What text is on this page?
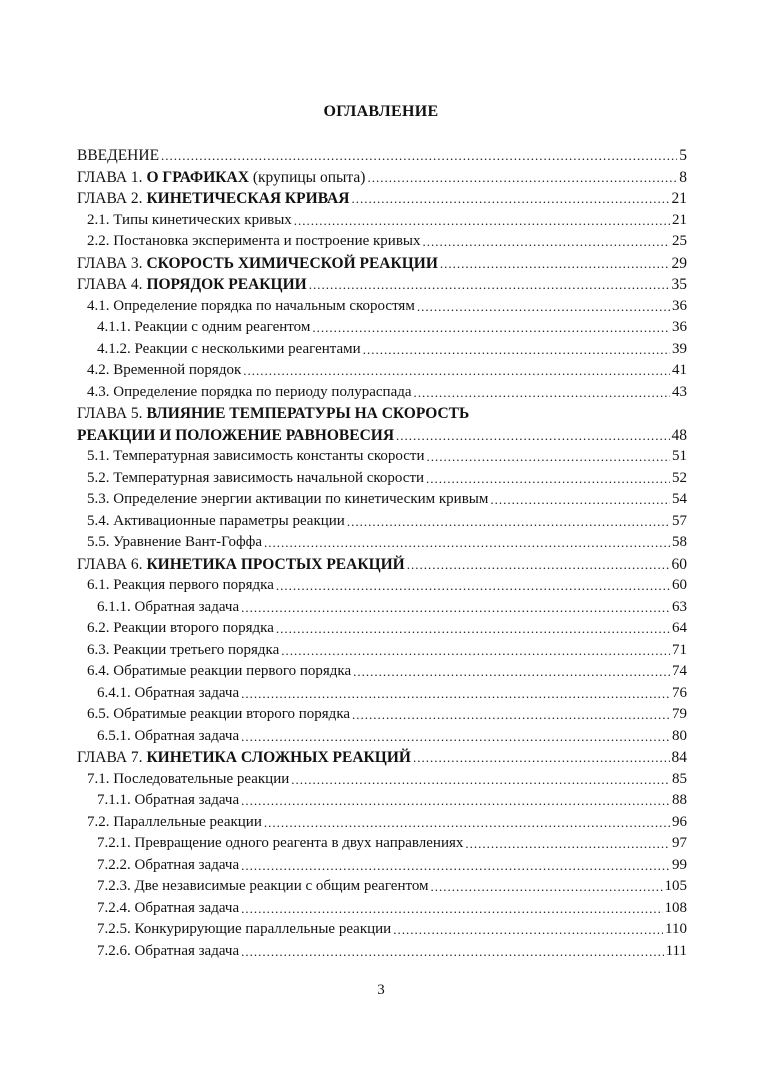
ОГЛАВЛЕНИЕ
ВВЕДЕНИЕ .....	5
ГЛАВА 1. О ГРАФИКАХ (крупицы опыта) .....	8
ГЛАВА 2. КИНЕТИЧЕСКАЯ КРИВАЯ .....	21
2.1. Типы кинетических кривых .....	21
2.2. Постановка эксперимента и построение кривых .....	25
ГЛАВА 3. СКОРОСТЬ ХИМИЧЕСКОЙ РЕАКЦИИ .....	29
ГЛАВА 4. ПОРЯДОК РЕАКЦИИ .....	35
4.1. Определение порядка по начальным скоростям .....	36
4.1.1. Реакции с одним реагентом .....	36
4.1.2. Реакции с несколькими реагентами .....	39
4.2. Временной порядок .....	41
4.3. Определение порядка по периоду полураспада .....	43
ГЛАВА 5. ВЛИЯНИЕ ТЕМПЕРАТУРЫ НА СКОРОСТЬ
РЕАКЦИИ И ПОЛОЖЕНИЕ РАВНОВЕСИЯ .....	48
5.1. Температурная зависимость константы скорости .....	51
5.2. Температурная зависимость начальной скорости .....	52
5.3. Определение энергии активации по кинетическим кривым .....	54
5.4. Активационные параметры реакции .....	57
5.5. Уравнение Вант-Гоффа .....	58
ГЛАВА 6. КИНЕТИКА ПРОСТЫХ РЕАКЦИЙ .....	60
6.1. Реакция первого порядка .....	60
6.1.1. Обратная задача .....	63
6.2. Реакции второго порядка .....	64
6.3. Реакции третьего порядка .....	71
6.4. Обратимые реакции первого порядка .....	74
6.4.1. Обратная задача .....	76
6.5. Обратимые реакции второго порядка .....	79
6.5.1. Обратная задача .....	80
ГЛАВА 7. КИНЕТИКА СЛОЖНЫХ РЕАКЦИЙ .....	84
7.1. Последовательные реакции .....	85
7.1.1. Обратная задача .....	88
7.2. Параллельные реакции .....	96
7.2.1. Превращение одного реагента в двух направлениях .....	97
7.2.2. Обратная задача .....	99
7.2.3. Две независимые реакции с общим реагентом .....	105
7.2.4. Обратная задача .....	108
7.2.5. Конкурирующие параллельные реакции .....	110
7.2.6. Обратная задача .....	111
3
